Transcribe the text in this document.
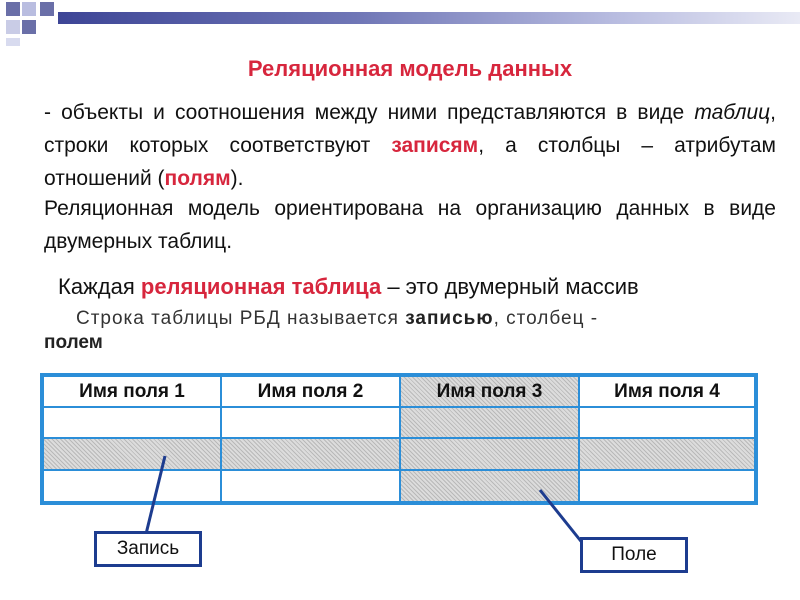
Реляционная модель данных
- объекты и соотношения между ними представляются в виде таблиц, строки которых соответствуют записям, а столбцы – атрибутам отношений (полям).
Реляционная модель ориентирована на организацию данных в виде двумерных таблиц.
Каждая реляционная таблица – это двумерный массив
Строка таблицы РБД называется записью, столбец -
полем
Имя поля 1	Имя поля 2	Имя поля 3	Имя поля 4
Запись	Поле
